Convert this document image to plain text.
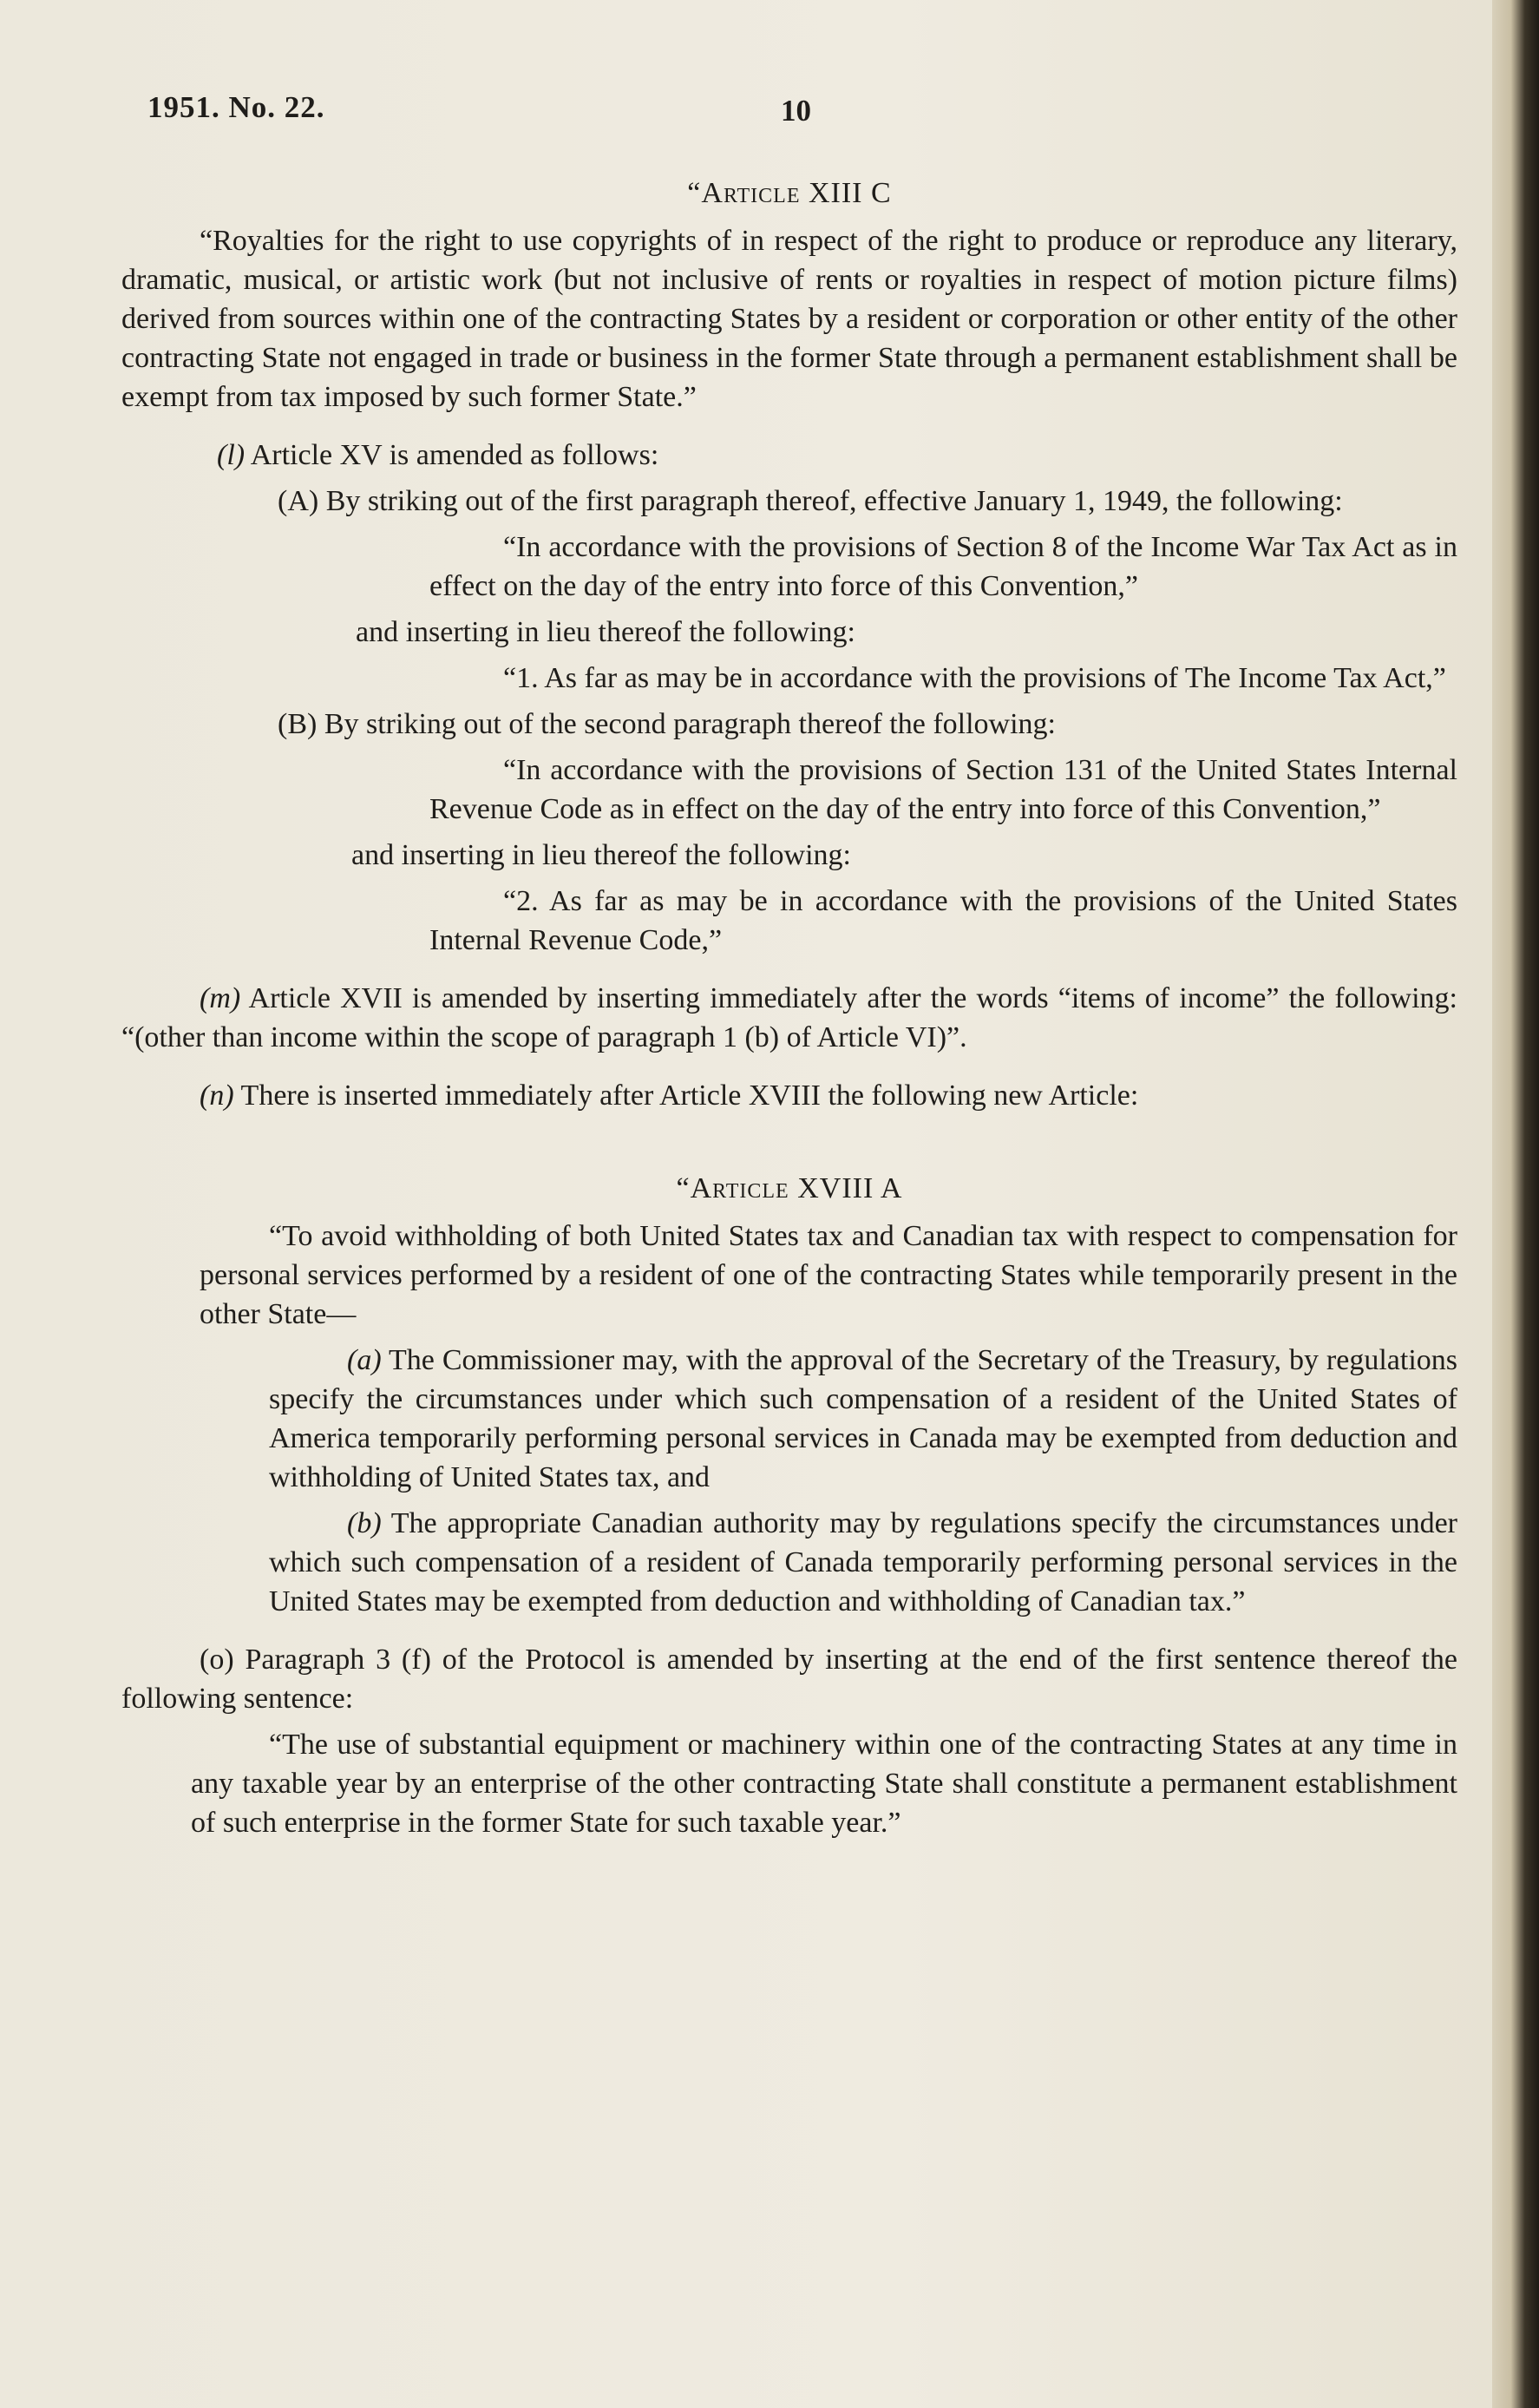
1951. No. 22.	10

“Article XIII C

“Royalties for the right to use copyrights of in respect of the right to produce or reproduce any literary, dramatic, musical, or artistic work (but not inclusive of rents or royalties in respect of motion picture films) derived from sources within one of the contracting States by a resident or corporation or other entity of the other contracting State not engaged in trade or business in the former State through a permanent establishment shall be exempt from tax imposed by such former State.”

(l) Article XV is amended as follows:

(A) By striking out of the first paragraph thereof, effective January 1, 1949, the following:

“In accordance with the provisions of Section 8 of the Income War Tax Act as in effect on the day of the entry into force of this Convention,”

and inserting in lieu thereof the following:

“1. As far as may be in accordance with the provisions of The Income Tax Act,”

(B) By striking out of the second paragraph thereof the following:

“In accordance with the provisions of Section 131 of the United States Internal Revenue Code as in effect on the day of the entry into force of this Convention,”

and inserting in lieu thereof the following:

“2. As far as may be in accordance with the provisions of the United States Internal Revenue Code,”

(m) Article XVII is amended by inserting immediately after the words “items of income” the following: “(other than income within the scope of paragraph 1 (b) of Article VI)”.

(n) There is inserted immediately after Article XVIII the following new Article:

“Article XVIII A

“To avoid withholding of both United States tax and Canadian tax with respect to compensation for personal services performed by a resident of one of the contracting States while temporarily present in the other State—

(a) The Commissioner may, with the approval of the Secretary of the Treasury, by regulations specify the circumstances under which such compensation of a resident of the United States of America temporarily performing personal services in Canada may be exempted from deduction and withholding of United States tax, and

(b) The appropriate Canadian authority may by regulations specify the circumstances under which such compensation of a resident of Canada temporarily performing personal services in the United States may be exempted from deduction and withholding of Canadian tax.”

(o) Paragraph 3 (f) of the Protocol is amended by inserting at the end of the first sentence thereof the following sentence:

“The use of substantial equipment or machinery within one of the contracting States at any time in any taxable year by an enterprise of the other contracting State shall constitute a permanent establishment of such enterprise in the former State for such taxable year.”
